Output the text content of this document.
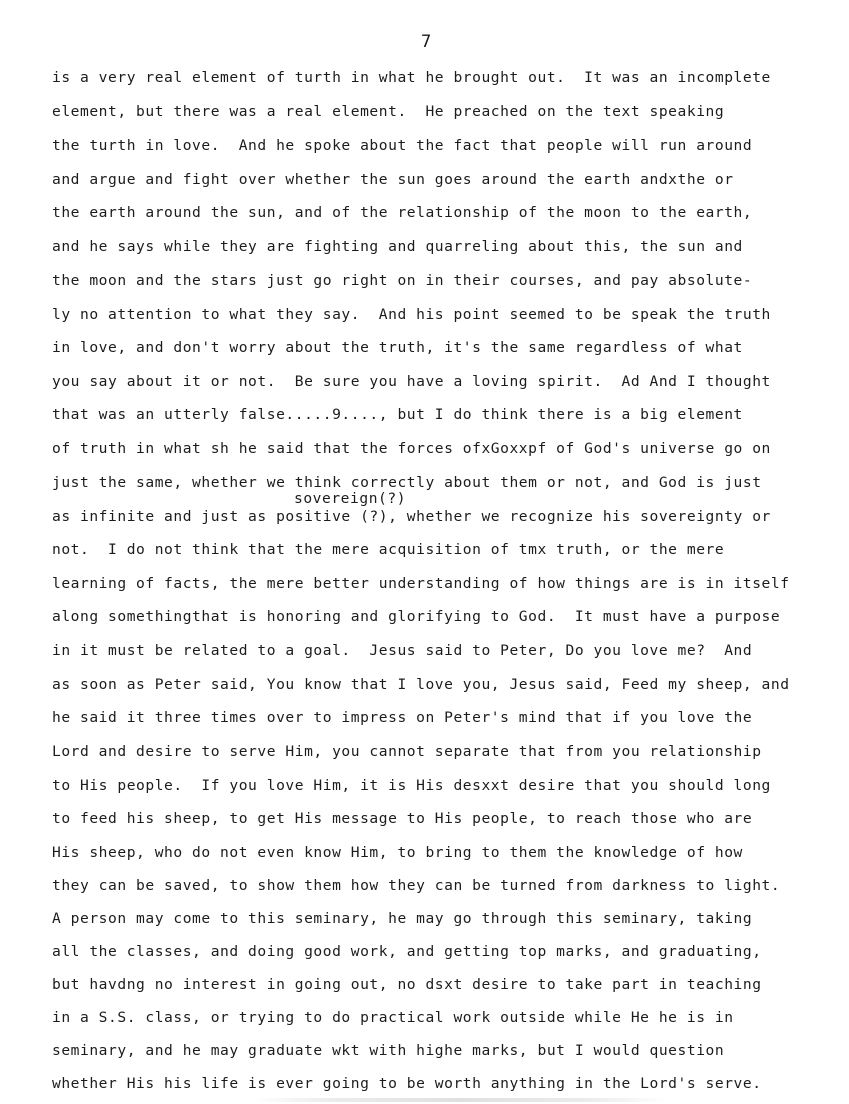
7
sovereign(?)
is a very real element of turth in what he brought out.  It was an incomplete
element, but there was a real element.  He preached on the text speaking
the turth in love.  And he spoke about the fact that people will run around
and argue and fight over whether the sun goes around the earth andxthe or
the earth around the sun, and of the relationship of the moon to the earth,
and he says while they are fighting and quarreling about this, the sun and
the moon and the stars just go right on in their courses, and pay absolute-
ly no attention to what they say.  And his point seemed to be speak the truth
in love, and don't worry about the truth, it's the same regardless of what
you say about it or not.  Be sure you have a loving spirit.  Ad And I thought
that was an utterly false.....9...., but I do think there is a big element
of truth in what sh he said that the forces ofxGoxxpf of God's universe go on
just the same, whether we think correctly about them or not, and God is just
as infinite and just as positive (?), whether we recognize his sovereignty or
not.  I do not think that the mere acquisition of tmx truth, or the mere
learning of facts, the mere better understanding of how things are is in itself
along somethingthat is honoring and glorifying to God.  It must have a purpose
in it must be related to a goal.  Jesus said to Peter, Do you love me?  And
as soon as Peter said, You know that I love you, Jesus said, Feed my sheep, and
he said it three times over to impress on Peter's mind that if you love the
Lord and desire to serve Him, you cannot separate that from you relationship
to His people.  If you love Him, it is His desxxt desire that you should long
to feed his sheep, to get His message to His people, to reach those who are
His sheep, who do not even know Him, to bring to them the knowledge of how
they can be saved, to show them how they can be turned from darkness to light.
A person may come to this seminary, he may go through this seminary, taking
all the classes, and doing good work, and getting top marks, and graduating,
but havdng no interest in going out, no dsxt desire to take part in teaching
in a S.S. class, or trying to do practical work outside while He he is in
seminary, and he may graduate wkt with highe marks, but I would question
whether His his life is ever going to be worth anything in the Lord's serve.
